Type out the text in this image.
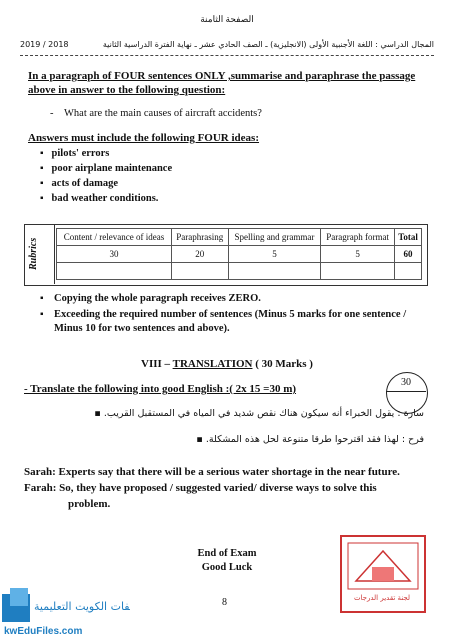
الصفحة الثامنة
المجال الدراسي : اللغة الأجنبية الأولى (الانجليزية) ـ الصف الحادي عشر ـ نهاية الفترة الدراسية الثانية
2019 / 2018
In a paragraph of FOUR sentences ONLY ,summarise and paraphrase the passage above in answer to the following question:
-    What are the main causes of aircraft accidents?
Answers must include the following FOUR ideas:
▪ pilots' errors
▪ poor airplane maintenance
▪ acts of damage
▪ bad weather conditions.
Rubrics
Content / relevance of ideas	Paraphrasing	Spelling and grammar	Paragraph format	Total
30	20	5	5	60

▪ Copying the whole paragraph receives ZERO.
▪ Exceeding the required number of sentences (Minus 5 marks for one sentence / Minus 10 for two sentences and above).
VIII – TRANSLATION ( 30 Marks )
- Translate the following into good English :( 2x 15 =30 m)
30
سارة : يقول الخبراء أنه سيكون هناك نقص شديد في المياه في المستقبل القريب. ▪
فرح : لهذا فقد اقترحوا طرقا متنوعة لحل هذه المشكلة. ▪
Sarah: Experts say that there will be a serious water shortage in the near future.
Farah: So, they have proposed / suggested varied/ diverse ways to solve this
problem.
End of Exam
Good Luck
8
ملفات الكويت التعليمية
kwEduFiles.com
لجنة تقدير الدرجات
